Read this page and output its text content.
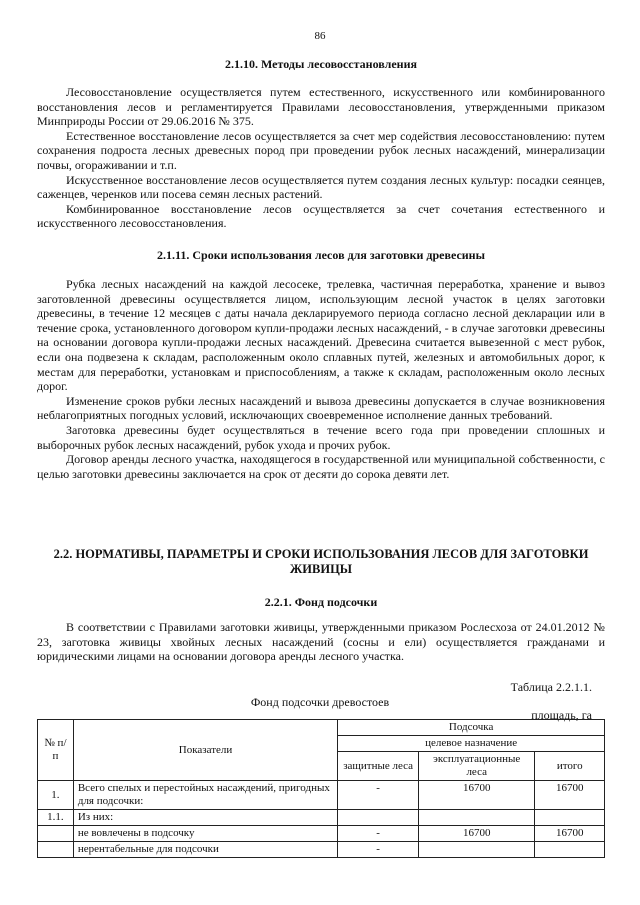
86
2.1.10. Методы лесовосстановления

Лесовосстановление осуществляется путем естественного, искусственного или комбинированного восстановления лесов и регламентируется Правилами лесовосстановления, утвержденными приказом Минприроды России от 29.06.2016 № 375.

Естественное восстановление лесов осуществляется за счет мер содействия лесовосстановлению: путем сохранения подроста лесных древесных пород при проведении рубок лесных насаждений, минерализации почвы, огораживании и т.п.

Искусственное восстановление лесов осуществляется путем создания лесных культур: посадки сеянцев, саженцев, черенков или посева семян лесных растений.

Комбинированное восстановление лесов осуществляется за счет сочетания естественного и искусственного лесовосстановления.

2.1.11. Сроки использования лесов для заготовки древесины

Рубка лесных насаждений на каждой лесосеке, трелевка, частичная переработка, хранение и вывоз заготовленной древесины осуществляется лицом, использующим лесной участок в целях заготовки древесины, в течение 12 месяцев с даты начала декларируемого периода согласно лесной декларации или в течение срока, установленного договором купли-продажи лесных насаждений, - в случае заготовки древесины на основании договора купли-продажи лесных насаждений. Древесина считается вывезенной с мест рубок, если она подвезена к складам, расположенным около сплавных путей, железных и автомобильных дорог, к местам для переработки, установкам и приспособлениям, а также к складам, расположенным около лесных дорог.

Изменение сроков рубки лесных насаждений и вывоза древесины допускается в случае возникновения неблагоприятных погодных условий, исключающих своевременное исполнение данных требований.

Заготовка древесины будет осуществляться в течение всего года при проведении сплошных и выборочных рубок лесных насаждений, рубок ухода и прочих рубок.

Договор аренды лесного участка, находящегося в государственной или муниципальной собственности, с целью заготовки древесины заключается на срок от десяти до сорока девяти лет.

2.2. НОРМАТИВЫ, ПАРАМЕТРЫ И СРОКИ ИСПОЛЬЗОВАНИЯ ЛЕСОВ ДЛЯ ЗАГОТОВКИ ЖИВИЦЫ
2.2.1. Фонд подсочки

В соответствии с Правилами заготовки живицы, утвержденными приказом Рослесхоза от 24.01.2012 № 23, заготовка живицы хвойных лесных насаждений (сосны и ели) осуществляется гражданами и юридическими лицами на основании договора аренды лесного участка.

Таблица 2.2.1.1.
Фонд подсочки древостоев
площадь, га
№ п/п	Показатели	Подсочка		
		целевое назначение		
		защитные леса	эксплуатационные леса	итого
1.	Всего спелых и перестойных насаждений, пригодных для подсочки:	-	16700	16700
1.1.	Из них:			
	не вовлечены в подсочку	-	16700	16700
	нерентабельные для подсочки	-		
